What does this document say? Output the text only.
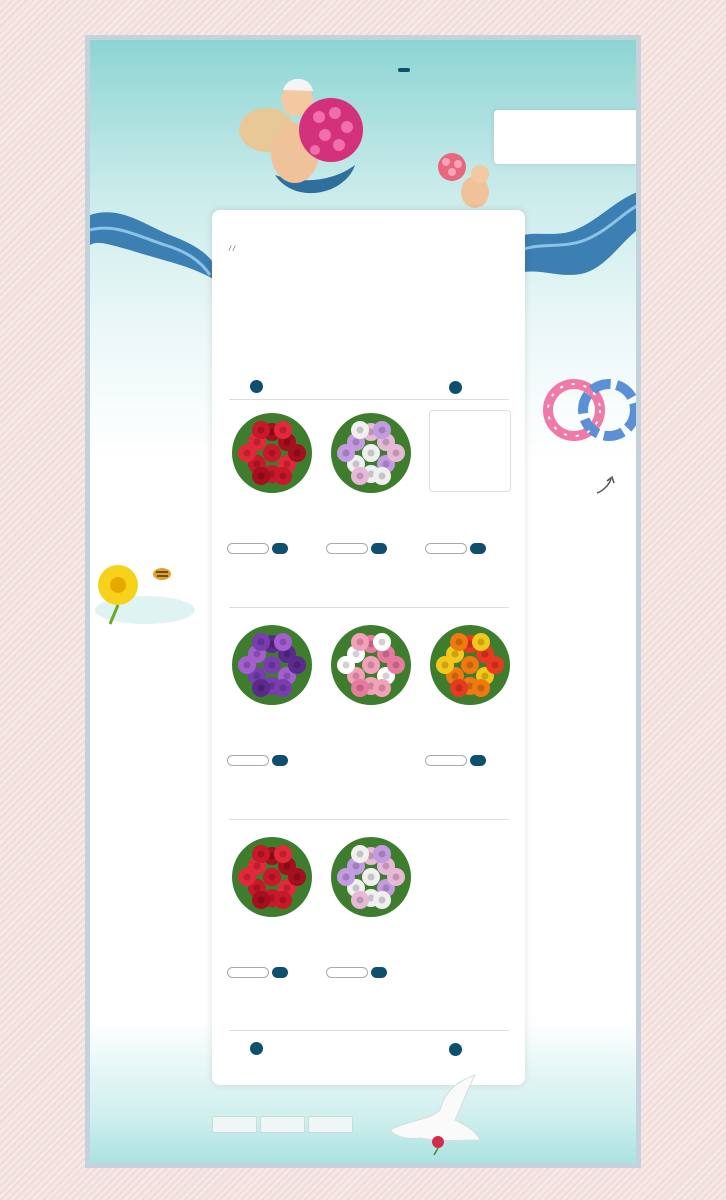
/ /
